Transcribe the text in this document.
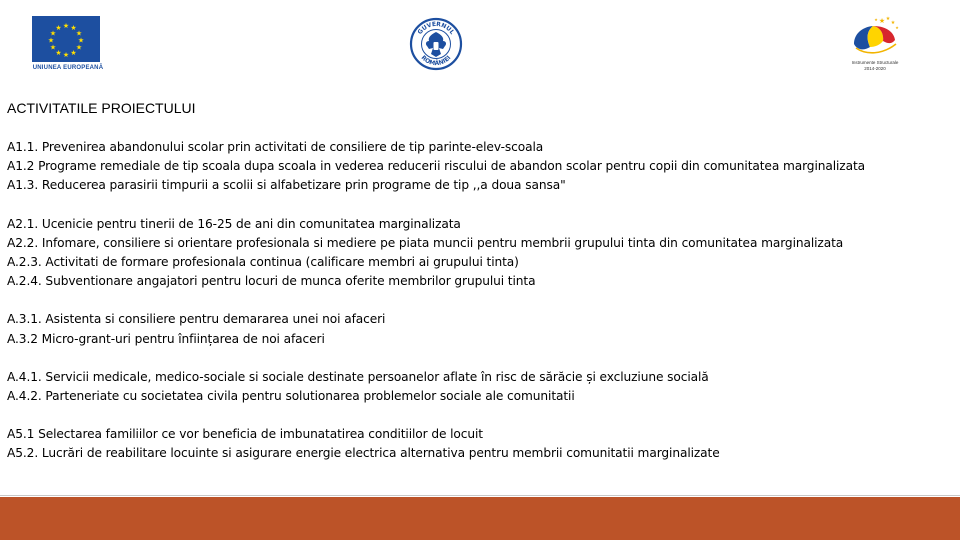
★ ★
★
★
★
★
★
★
★
★
★
★
UNIUNEA EUROPEANĂ
GUVERNUL
ROMÂNIEI
★ ★
★
★
★
Instrumente Structurale
2014-2020
ACTIVITATILE PROIECTULUI
A1.1. Prevenirea abandonului scolar prin activitati de consiliere de tip parinte-elev-scoala
A1.2 Programe remediale de tip scoala dupa scoala in vederea reducerii riscului de abandon scolar pentru copii din comunitatea marginalizata
A1.3. Reducerea parasirii timpurii a scolii si alfabetizare prin programe de tip ,,a doua sansa"
A2.1. Ucenicie pentru tinerii de 16-25 de ani din comunitatea marginalizata
A2.2. Infomare, consiliere si orientare profesionala si mediere pe piata muncii pentru membrii grupului tinta din comunitatea marginalizata
A.2.3. Activitati de formare profesionala continua (calificare membri ai grupului tinta)
A.2.4. Subventionare angajatori pentru locuri de munca oferite membrilor grupului tinta
A.3.1. Asistenta si consiliere pentru demararea unei noi afaceri
A.3.2 Micro-grant-uri pentru înființarea de noi afaceri
A.4.1. Servicii medicale, medico-sociale si sociale destinate persoanelor aflate în risc de sărăcie și excluziune socială
A.4.2. Parteneriate cu societatea civila pentru solutionarea problemelor sociale ale comunitatii
A5.1 Selectarea familiilor ce vor beneficia de imbunatatirea conditiilor de locuit
A5.2. Lucrări de reabilitare locuinte si asigurare energie electrica alternativa pentru membrii comunitatii marginalizate
